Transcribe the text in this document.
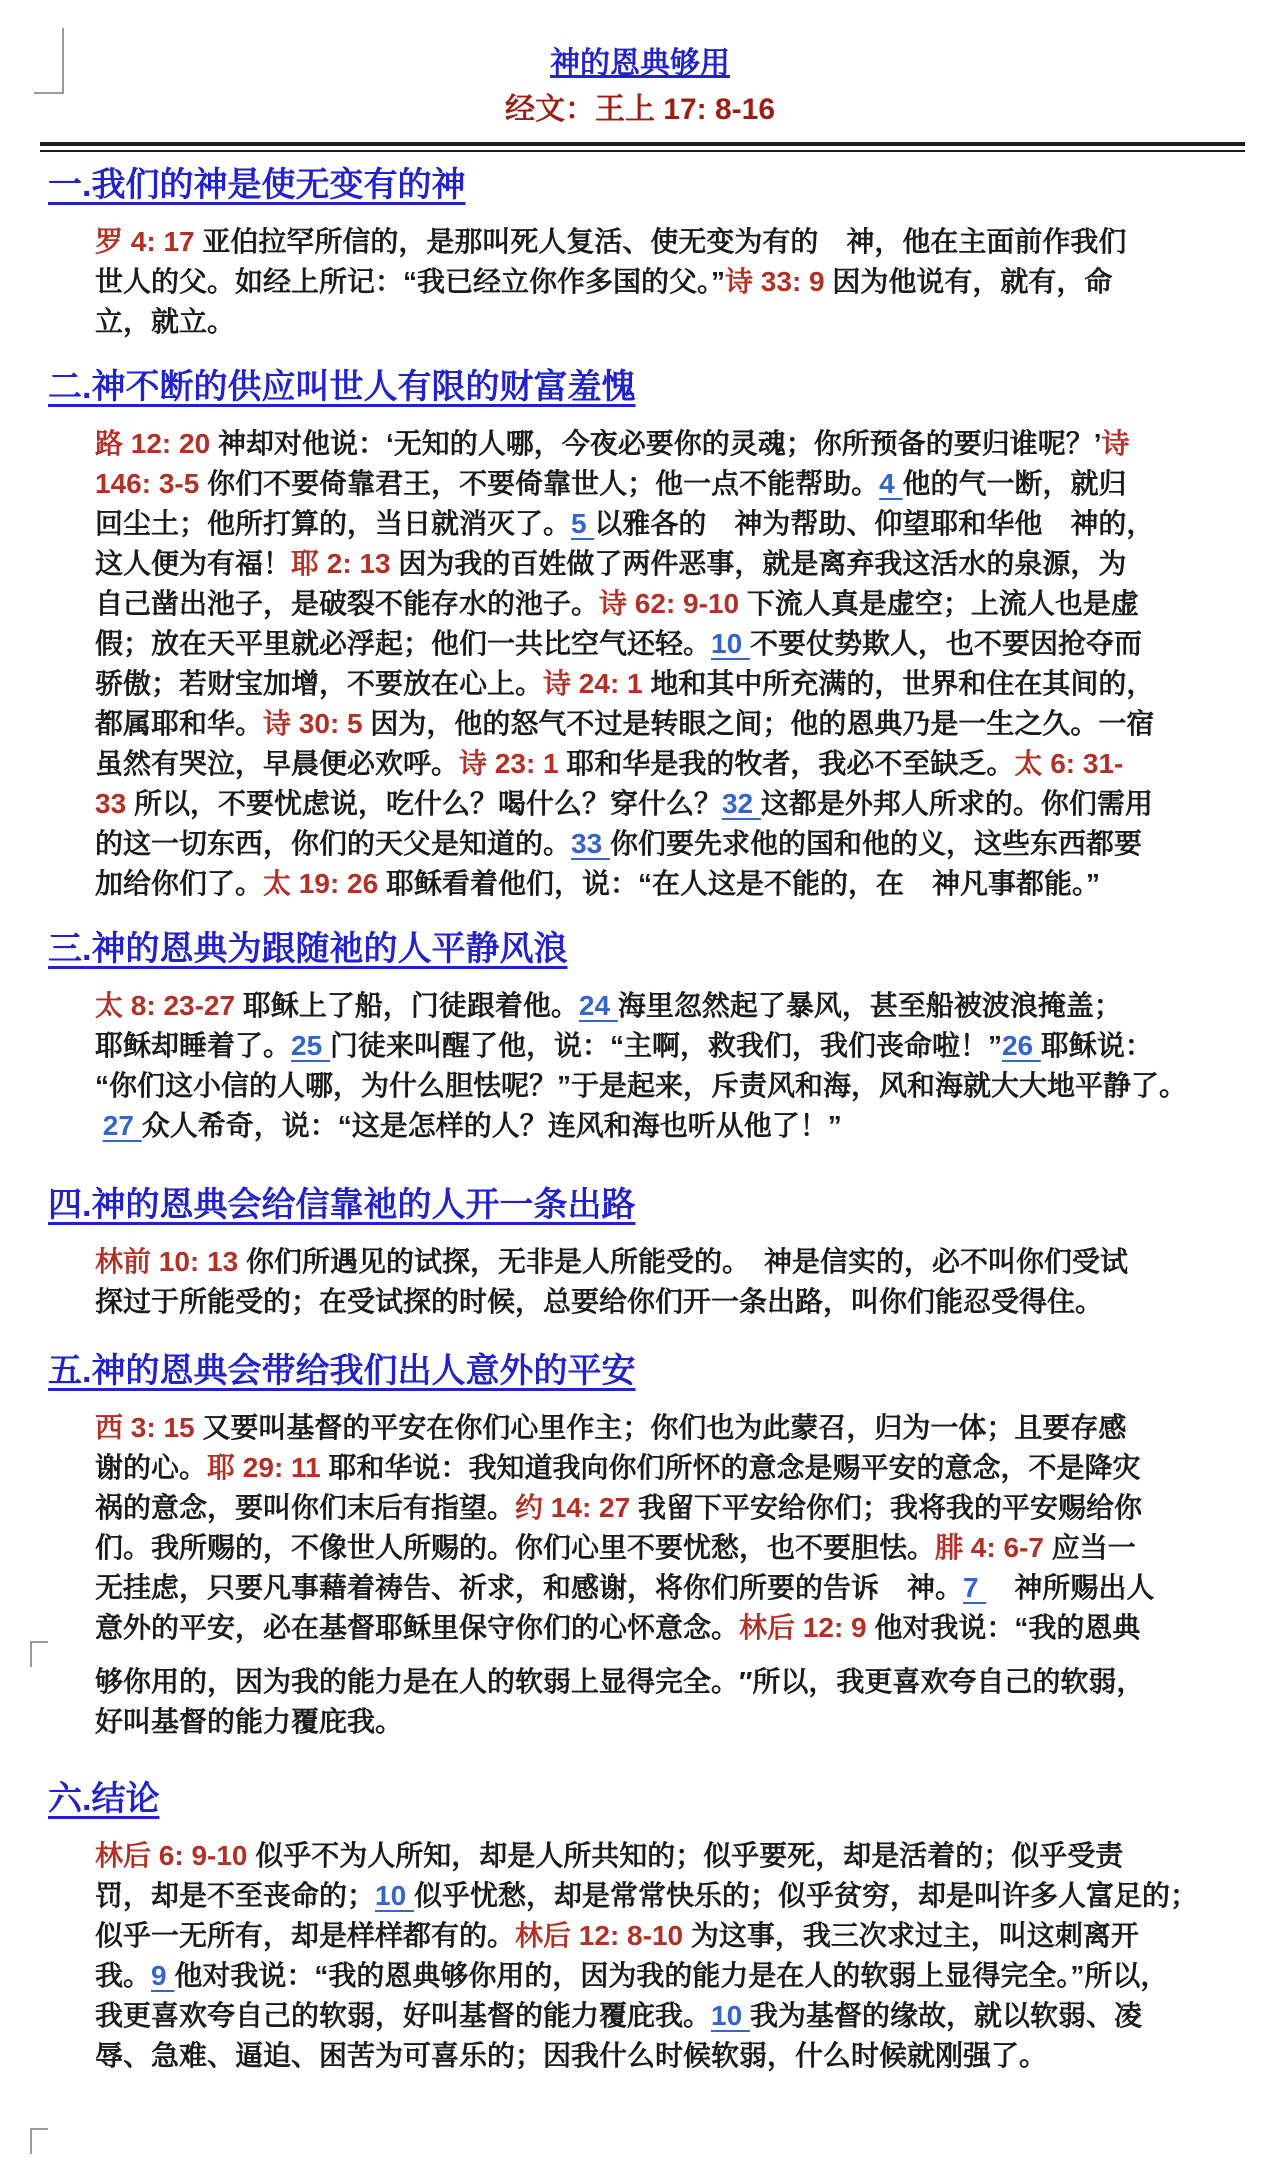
神的恩典够用
经文：王上 17: 8-16
一.我们的神是使无变有的神
罗 4: 17 亚伯拉罕所信的，是那叫死人复活、使无变为有的　神，他在主面前作我们
世人的父。如经上所记：“我已经立你作多国的父。”诗 33: 9 因为他说有，就有，命
立，就立。
二.神不断的供应叫世人有限的财富羞愧
路 12: 20 神却对他说：‘无知的人哪，今夜必要你的灵魂；你所预备的要归谁呢？’诗
146: 3-5 你们不要倚靠君王，不要倚靠世人；他一点不能帮助。4 他的气一断，就归
回尘土；他所打算的，当日就消灭了。5 以雅各的　神为帮助、仰望耶和华他　神的，
这人便为有福！耶 2: 13 因为我的百姓做了两件恶事，就是离弃我这活水的泉源，为
自己凿出池子，是破裂不能存水的池子。诗 62: 9-10 下流人真是虚空；上流人也是虚
假；放在天平里就必浮起；他们一共比空气还轻。10 不要仗势欺人，也不要因抢夺而
骄傲；若财宝加增，不要放在心上。诗 24: 1 地和其中所充满的，世界和住在其间的，
都属耶和华。诗 30: 5 因为，他的怒气不过是转眼之间；他的恩典乃是一生之久。一宿
虽然有哭泣，早晨便必欢呼。诗 23: 1 耶和华是我的牧者，我必不至缺乏。太 6: 31-
33 所以，不要忧虑说，吃什么？喝什么？穿什么？32 这都是外邦人所求的。你们需用
的这一切东西，你们的天父是知道的。33 你们要先求他的国和他的义，这些东西都要
加给你们了。太 19: 26 耶稣看着他们，说：“在人这是不能的，在　神凡事都能。”
三.神的恩典为跟随祂的人平静风浪
太 8: 23-27 耶稣上了船，门徒跟着他。24 海里忽然起了暴风，甚至船被波浪掩盖；
耶稣却睡着了。25 门徒来叫醒了他，说：“主啊，救我们，我们丧命啦！”26 耶稣说：
“你们这小信的人哪，为什么胆怯呢？”于是起来，斥责风和海，风和海就大大地平静了。
27 众人希奇，说：“这是怎样的人？连风和海也听从他了！”
四.神的恩典会给信靠祂的人开一条出路
林前 10: 13 你们所遇见的试探，无非是人所能受的。　神是信实的，必不叫你们受试
探过于所能受的；在受试探的时候，总要给你们开一条出路，叫你们能忍受得住。
五.神的恩典会带给我们出人意外的平安
西 3: 15 又要叫基督的平安在你们心里作主；你们也为此蒙召，归为一体；且要存感
谢的心。耶 29: 11 耶和华说：我知道我向你们所怀的意念是赐平安的意念，不是降灾
祸的意念，要叫你们末后有指望。约 14: 27 我留下平安给你们；我将我的平安赐给你
们。我所赐的，不像世人所赐的。你们心里不要忧愁，也不要胆怯。腓 4: 6-7 应当一
无挂虑，只要凡事藉着祷告、祈求，和感谢，将你们所要的告诉　神。7 　神所赐出人
意外的平安，必在基督耶稣里保守你们的心怀意念。林后 12: 9 他对我说：“我的恩典
够你用的，因为我的能力是在人的软弱上显得完全。″所以，我更喜欢夸自己的软弱，
好叫基督的能力覆庇我。
六.结论
林后 6: 9-10 似乎不为人所知，却是人所共知的；似乎要死，却是活着的；似乎受责
罚，却是不至丧命的；10 似乎忧愁，却是常常快乐的；似乎贫穷，却是叫许多人富足的；
似乎一无所有，却是样样都有的。林后 12: 8-10 为这事，我三次求过主，叫这刺离开
我。9 他对我说：“我的恩典够你用的，因为我的能力是在人的软弱上显得完全。”所以，
我更喜欢夸自己的软弱，好叫基督的能力覆庇我。10 我为基督的缘故，就以软弱、凌
辱、急难、逼迫、困苦为可喜乐的；因我什么时候软弱，什么时候就刚强了。
